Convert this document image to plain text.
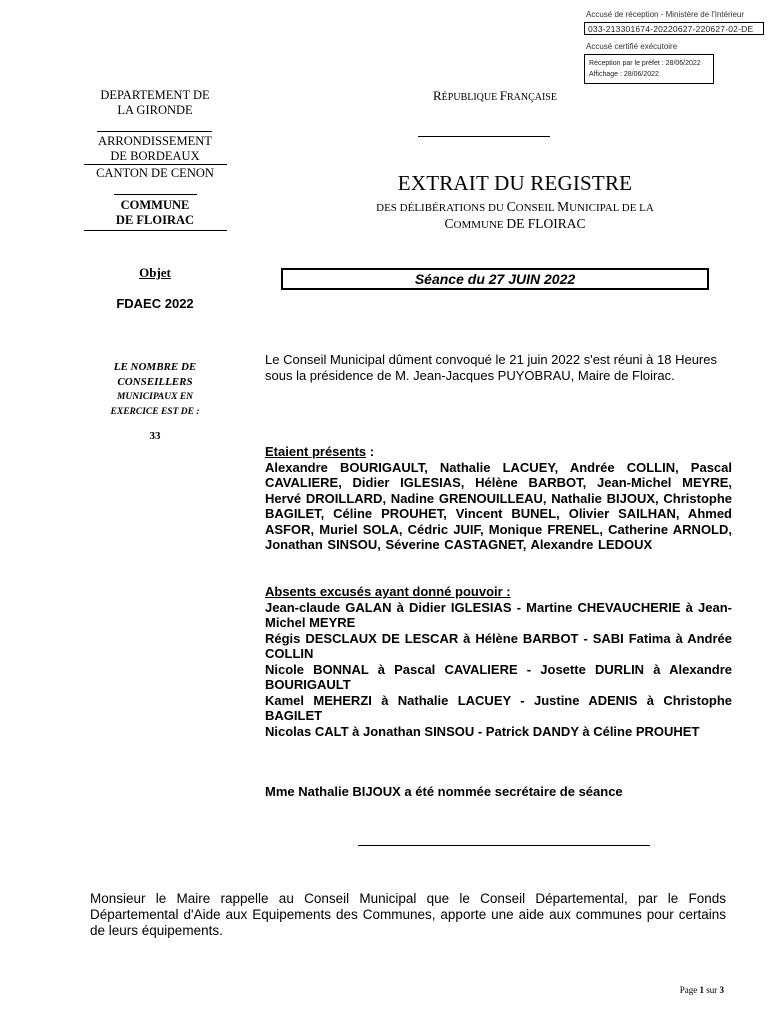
Accusé de réception - Ministère de l'Intérieur
033-213301674-20220627-220627-02-DE
Accusé certifié exécutoire
Réception par le préfet : 28/06/2022
Affichage : 28/06/2022
DEPARTEMENT DE
LA GIRONDE
ARRONDISSEMENT
DE BORDEAUX
CANTON DE CENON
COMMUNE
DE FLOIRAC
Objet
FDAEC 2022
LE NOMBRE DE
CONSEILLERS
MUNICIPAUX EN
EXERCICE EST DE :
33
RÉPUBLIQUE FRANÇAISE
EXTRAIT DU REGISTRE
DES DÉLIBÉRATIONS DU CONSEIL MUNICIPAL DE LA
COMMUNE DE FLOIRAC
Séance du 27 JUIN 2022
Le Conseil Municipal dûment convoqué le 21 juin 2022 s'est réuni à 18 Heures sous la présidence de M. Jean-Jacques PUYOBRAU, Maire de Floirac.
Etaient présents :
Alexandre BOURIGAULT, Nathalie LACUEY, Andrée COLLIN, Pascal CAVALIERE, Didier IGLESIAS, Hélène BARBOT, Jean-Michel MEYRE, Hervé DROILLARD, Nadine GRENOUILLEAU, Nathalie BIJOUX, Christophe BAGILET, Céline PROUHET, Vincent BUNEL, Olivier SAILHAN, Ahmed ASFOR, Muriel SOLA, Cédric JUIF, Monique FRENEL, Catherine ARNOLD, Jonathan SINSOU, Séverine CASTAGNET, Alexandre LEDOUX
Absents excusés ayant donné pouvoir :
Jean-claude GALAN à Didier IGLESIAS - Martine CHEVAUCHERIE à Jean-Michel MEYRE
Régis DESCLAUX DE LESCAR à Hélène BARBOT - SABI Fatima à Andrée COLLIN
Nicole BONNAL à Pascal CAVALIERE - Josette DURLIN à Alexandre BOURIGAULT
Kamel MEHERZI à Nathalie LACUEY - Justine ADENIS à Christophe BAGILET
Nicolas CALT à Jonathan SINSOU - Patrick DANDY à Céline PROUHET
Mme Nathalie BIJOUX a été nommée secrétaire de séance
Monsieur le Maire rappelle au Conseil Municipal que le Conseil Départemental, par le Fonds Départemental d'Aide aux Equipements des Communes, apporte une aide aux communes pour certains de leurs équipements.
Page 1 sur 3
